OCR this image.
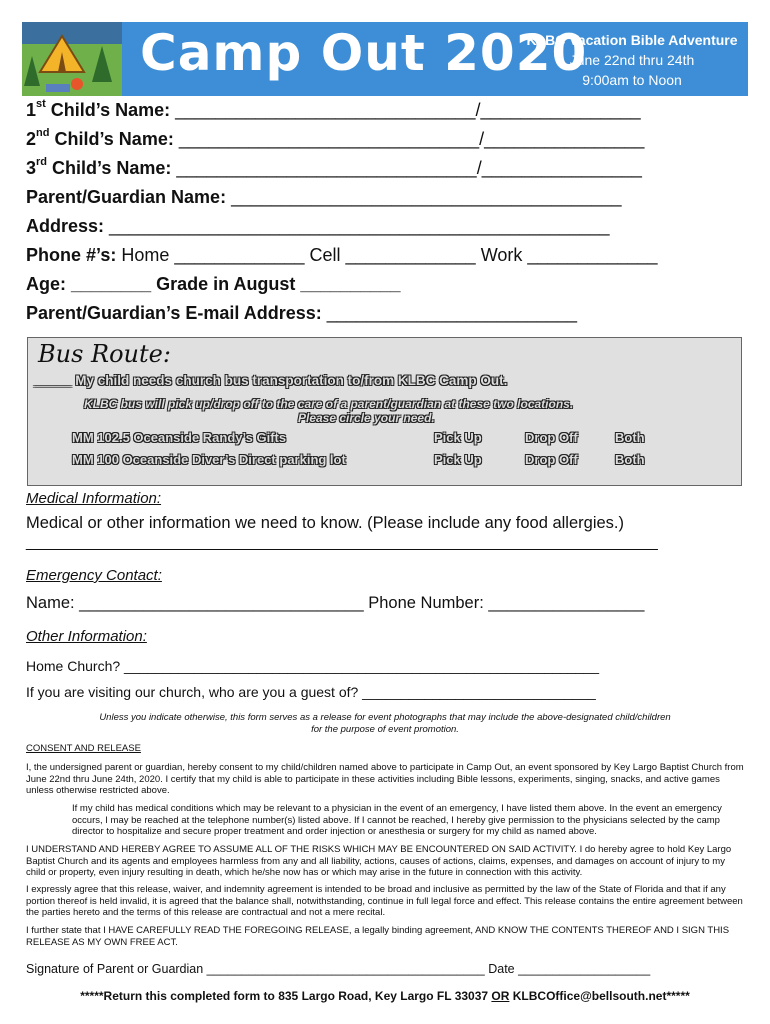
Camp Out 2020
KLBC Vacation Bible Adventure
June 22nd thru 24th
9:00am to Noon
1st Child’s Name: ______________________________/________________
2nd Child’s Name: ______________________________/________________
3rd Child’s Name: ______________________________/________________
Parent/Guardian Name: _______________________________________
Address: __________________________________________________
Phone #’s: Home _____________ Cell _____________ Work _____________
Age: ________ Grade in August __________
Parent/Guardian’s E-mail Address: _________________________
Bus Route:
_____ My child needs church bus transportation to/from KLBC Camp Out.
KLBC bus will pick up/drop off to the care of a parent/guardian at these two locations.
Please circle your need.
MM 102.5 Oceanside Randy’s Gifts	Pick Up	Drop Off	Both
MM 100 Oceanside Diver’s Direct parking lot	Pick Up	Drop Off	Both
Medical Information:
Medical or other information we need to know. (Please include any food allergies.)
_______________________________________________________________________
Emergency Contact:
Name: _______________________________ Phone Number: _________________
Other Information:
Home Church? _____________________________________________________________
If you are visiting our church, who are you a guest of? ______________________________
Unless you indicate otherwise, this form serves as a release for event photographs that may include the above-designated child/children
for the purpose of event promotion.
CONSENT AND RELEASE
I, the undersigned parent or guardian, hereby consent to my child/children named above to participate in Camp Out, an event sponsored by Key Largo Baptist Church from June 22nd thru June 24th, 2020. I certify that my child is able to participate in these activities including Bible lessons, experiments, singing, snacks, and active games unless otherwise restricted above.
If my child has medical conditions which may be relevant to a physician in the event of an emergency, I have listed them above. In the event an emergency occurs, I may be reached at the telephone number(s) listed above. If I cannot be reached, I hereby give permission to the physicians selected by the camp director to hospitalize and secure proper treatment and order injection or anesthesia or surgery for my child as named above.
I UNDERSTAND AND HEREBY AGREE TO ASSUME ALL OF THE RISKS WHICH MAY BE ENCOUNTERED ON SAID ACTIVITY. I do hereby agree to hold Key Largo Baptist Church and its agents and employees harmless from any and all liability, actions, causes of actions, claims, expenses, and damages on account of injury to my child or property, even injury resulting in death, which he/she now has or which may arise in the future in connection with this activity.
I expressly agree that this release, waiver, and indemnity agreement is intended to be broad and inclusive as permitted by the law of the State of Florida and that if any portion thereof is held invalid, it is agreed that the balance shall, notwithstanding, continue in full legal force and effect. This release contains the entire agreement between the parties hereto and the terms of this release are contractual and not a mere recital.
I further state that I HAVE CAREFULLY READ THE FOREGOING RELEASE, a legally binding agreement, AND KNOW THE CONTENTS THEREOF AND I SIGN THIS RELEASE AS MY OWN FREE ACT.
Signature of Parent or Guardian ________________________________________ Date ___________________
*****Return this completed form to 835 Largo Road, Key Largo FL 33037 OR KLBCOffice@bellsouth.net*****
